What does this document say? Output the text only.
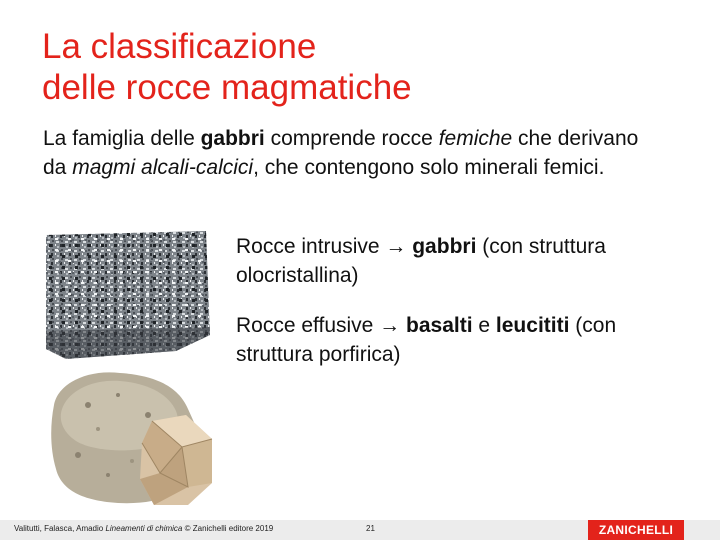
La classificazione
delle rocce magmatiche
La famiglia delle gabbri comprende rocce femiche che derivano da magmi alcali-calcici, che contengono solo minerali femici.
Rocce intrusive → gabbri (con struttura olocristallina)
Rocce effusive → basalti e leucititi (con struttura porfirica)
Valitutti, Falasca, Amadio Lineamenti di chimica © Zanichelli editore 2019	21	ZANICHELLI
